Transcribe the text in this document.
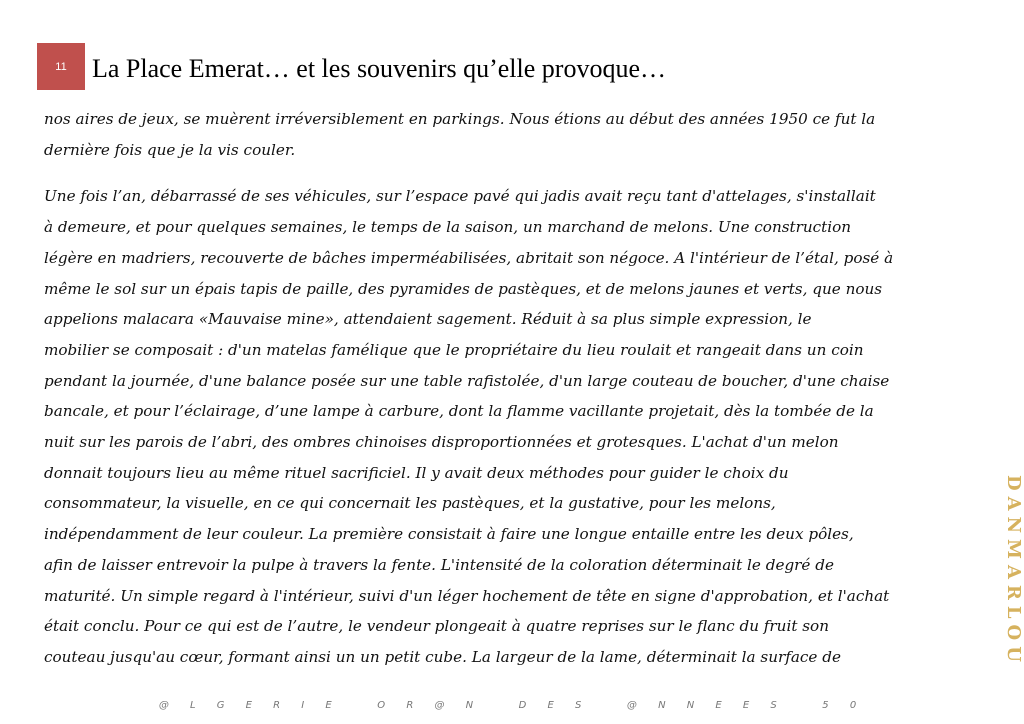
11 La Place Emerat… et les souvenirs qu’elle provoque…

nos aires de jeux, se muèrent irréversiblement en parkings. Nous étions au début des années 1950 ce fut la
dernière fois que je la vis couler.

Une fois l’an, débarrassé de ses véhicules, sur l’espace pavé qui jadis avait reçu tant d'attelages, s'installait
à demeure, et pour quelques semaines, le temps de la saison, un marchand de melons. Une construction
légère en madriers, recouverte de bâches imperméabilisées, abritait son négoce. A l'intérieur de l’étal, posé à
même le sol sur un épais tapis de paille, des pyramides de pastèques, et de melons jaunes et verts, que nous
appelions malacara «Mauvaise mine», attendaient sagement. Réduit à sa plus simple expression, le
mobilier se composait : d'un matelas famélique que le propriétaire du lieu roulait et rangeait dans un coin
pendant la journée, d'une balance posée sur une table rafistolée, d'un large couteau de boucher, d'une chaise
bancale, et pour l’éclairage, d’une lampe à carbure, dont la flamme vacillante projetait, dès la tombée de la
nuit sur les parois de l’abri, des ombres chinoises disproportionnées et grotesques. L'achat d'un melon
donnait toujours lieu au même rituel sacrificiel. Il y avait deux méthodes pour guider le choix du
consommateur, la visuelle, en ce qui concernait les pastèques, et la gustative, pour les melons,
indépendamment de leur couleur. La première consistait à faire une longue entaille entre les deux pôles,
afin de laisser entrevoir la pulpe à travers la fente. L'intensité de la coloration déterminait le degré de
maturité. Un simple regard à l'intérieur, suivi d'un léger hochement de tête en signe d'approbation, et l'achat
était conclu. Pour ce qui est de l’autre, le vendeur plongeait à quatre reprises sur le flanc du fruit son
couteau jusqu'au cœur, formant ainsi un un petit cube. La largeur de la lame, déterminait la surface de	DANMARLOU
@ L G E R I E   O R @ N   D E S   @ N N E E S   5 0
